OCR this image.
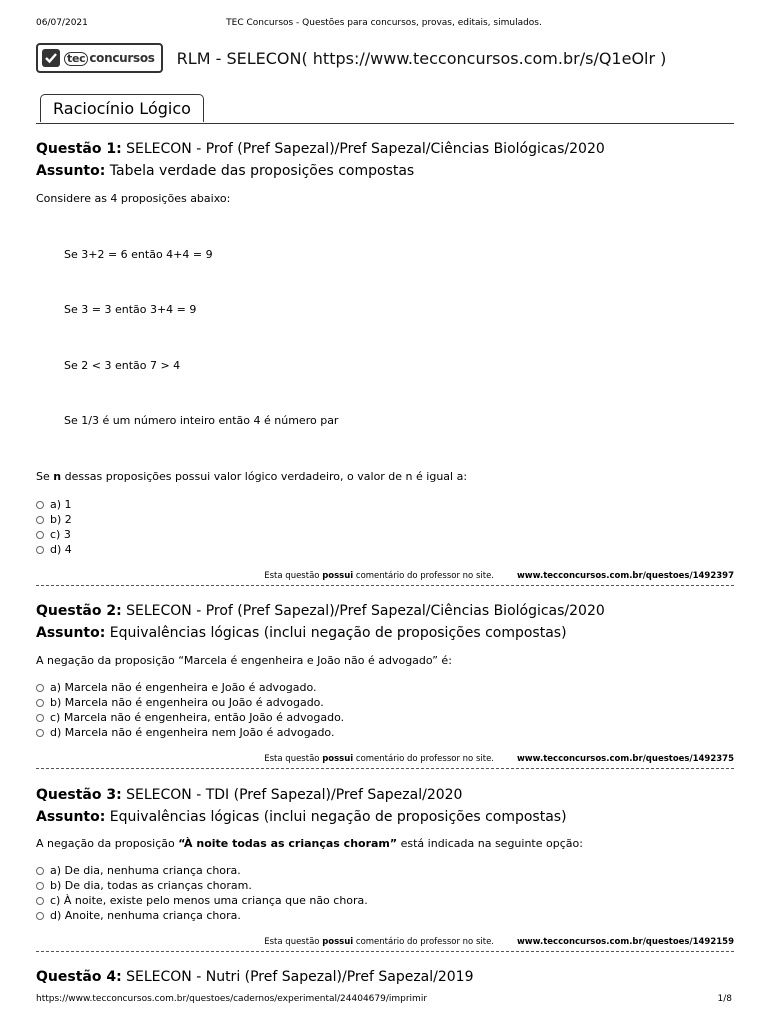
06/07/2021	TEC Concursos - Questões para concursos, provas, editais, simulados.
tec concursos RLM - SELECON( https://www.tecconcursos.com.br/s/Q1eOlr )
Raciocínio Lógico
Questão 1: SELECON - Prof (Pref Sapezal)/Pref Sapezal/Ciências Biológicas/2020
Assunto: Tabela verdade das proposições compostas
Considere as 4 proposições abaixo:
Se 3+2 = 6 então 4+4 = 9
Se 3 = 3 então 3+4 = 9
Se 2 < 3 então 7 > 4
Se 1/3 é um número inteiro então 4 é número par
Se n dessas proposições possui valor lógico verdadeiro, o valor de n é igual a:
a) 1
b) 2
c) 3
d) 4
Esta questão possui comentário do professor no site.	www.tecconcursos.com.br/questoes/1492397
Questão 2: SELECON - Prof (Pref Sapezal)/Pref Sapezal/Ciências Biológicas/2020
Assunto: Equivalências lógicas (inclui negação de proposições compostas)
A negação da proposição “Marcela é engenheira e João não é advogado” é:
a) Marcela não é engenheira e João é advogado.
b) Marcela não é engenheira ou João é advogado.
c) Marcela não é engenheira, então João é advogado.
d) Marcela não é engenheira nem João é advogado.
Esta questão possui comentário do professor no site.	www.tecconcursos.com.br/questoes/1492375
Questão 3: SELECON - TDI (Pref Sapezal)/Pref Sapezal/2020
Assunto: Equivalências lógicas (inclui negação de proposições compostas)
A negação da proposição “À noite todas as crianças choram” está indicada na seguinte opção:
a) De dia, nenhuma criança chora.
b) De dia, todas as crianças choram.
c) À noite, existe pelo menos uma criança que não chora.
d) Anoite, nenhuma criança chora.
Esta questão possui comentário do professor no site.	www.tecconcursos.com.br/questoes/1492159
Questão 4: SELECON - Nutri (Pref Sapezal)/Pref Sapezal/2019
https://www.tecconcursos.com.br/questoes/cadernos/experimental/24404679/imprimir	1/8
